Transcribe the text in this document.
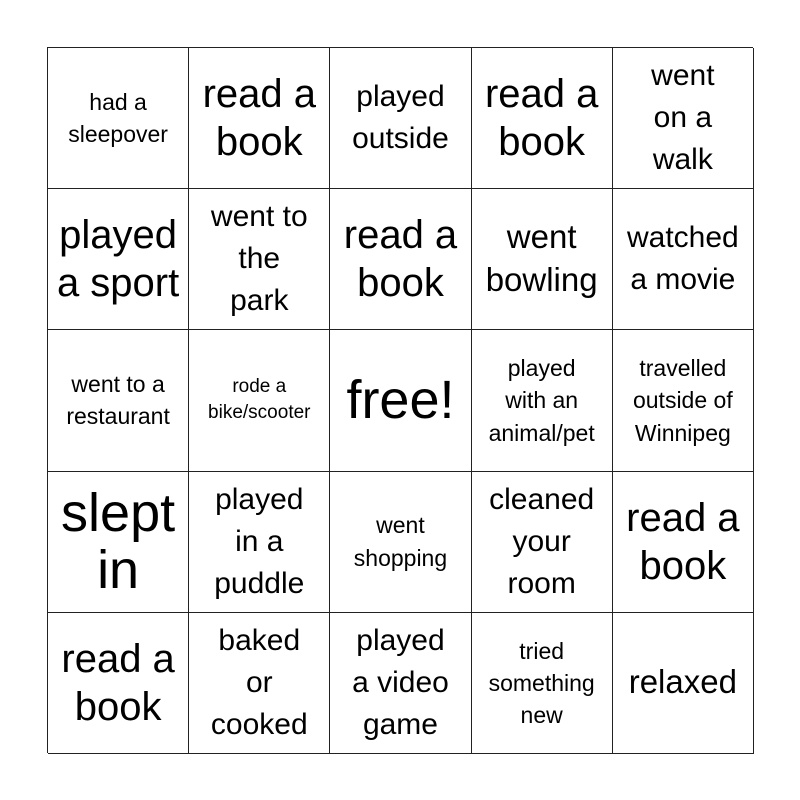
had a
sleepover
read a
book
played
outside
read a
book
went
on a
walk
played
a sport
went to
the
park
read a
book
went
bowling
watched
a movie
went to a
restaurant
rode a
bike/scooter free!
played
with an
animal/pet
travelled
outside of
Winnipeg
slept
in
played
in a
puddle
went
shopping
cleaned
your
room
read a
book
read a
book
baked
or
cooked
played
a video
game
tried
something
new
relaxed
